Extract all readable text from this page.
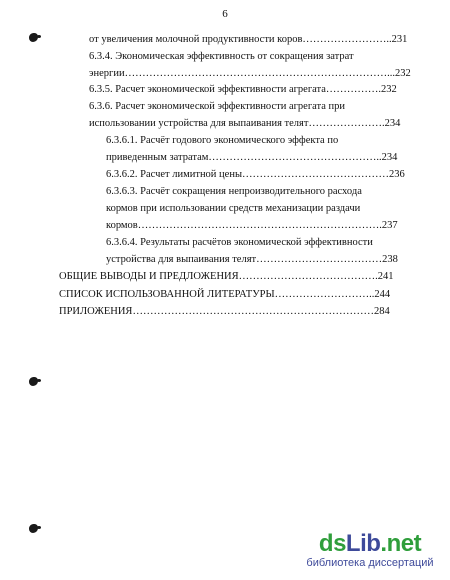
6
от увеличения молочной продуктивности коров……………………..231
6.3.4. Экономическая эффективность от сокращения затрат
энергии…………………………………………………………………...232
6.3.5. Расчет экономической эффективности агрегата…………….232
6.3.6. Расчет экономической эффективности агрегата при
использовании устройства для выпаивания телят………………….234
6.3.6.1. Расчёт годового экономического эффекта по
приведенным затратам…………………………………………..234
6.3.6.2. Расчет лимитной цены……………………………………236
6.3.6.3. Расчёт сокращения непроизводительного расхода
кормов при использовании средств механизации раздачи
кормов…………………………………………………………….237
6.3.6.4. Результаты расчётов экономической эффективности
устройства для выпаивания телят………………………………238
ОБЩИЕ ВЫВОДЫ И ПРЕДЛОЖЕНИЯ………………………………….241
СПИСОК ИСПОЛЬЗОВАННОЙ ЛИТЕРАТУРЫ………………………..244
ПРИЛОЖЕНИЯ……………………………………………………………284
dsLib.net
библиотека диссертаций
